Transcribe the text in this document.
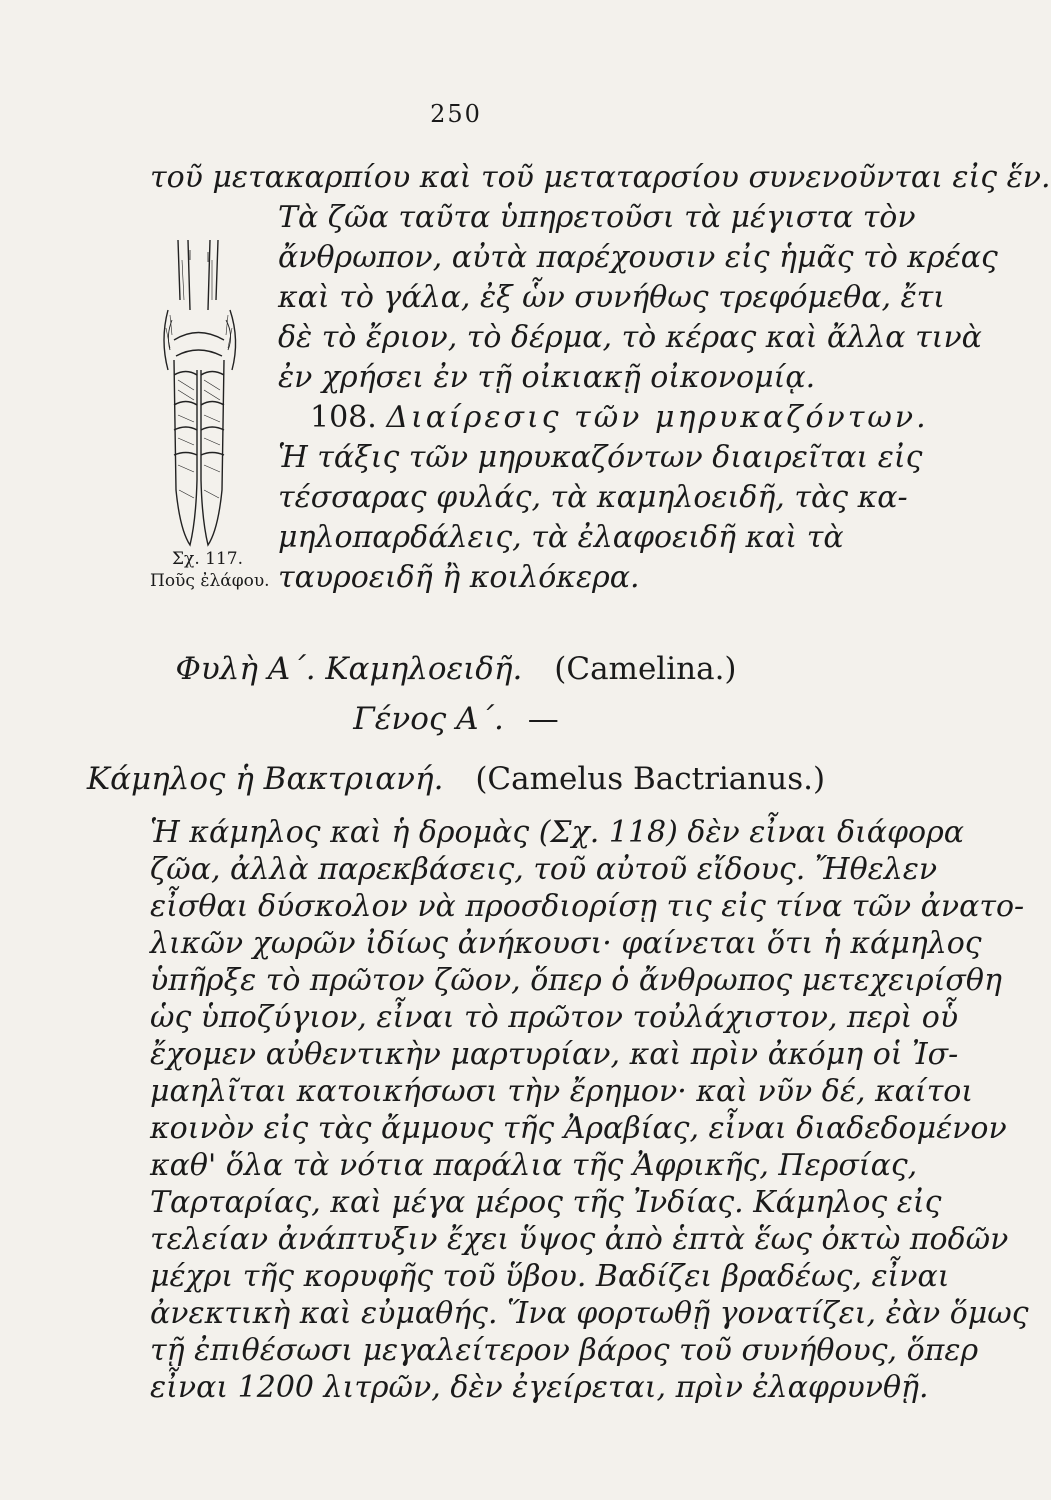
250
τοῦ μετακαρπίου καὶ τοῦ μεταταρσίου συνενοῦνται εἰς ἕν.
Σχ. 117.
Ποῦς ἐλάφου.
Τὰ ζῶα ταῦτα ὑπηρετοῦσι τὰ μέγιστα τὸν
ἄνθρωπον, αὐτὰ παρέχουσιν εἰς ἡμᾶς τὸ κρέας
καὶ τὸ γάλα, ἐξ ὧν συνήθως τρεφόμεθα, ἔτι
δὲ τὸ ἔριον, τὸ δέρμα, τὸ κέρας καὶ ἄλλα τινὰ
ἐν χρήσει ἐν τῇ οἰκιακῇ οἰκονομίᾳ.
108. Διαίρεσις τῶν μηρυκαζόντων.
Ἡ τάξις τῶν μηρυκαζόντων διαιρεῖται εἰς
τέσσαρας φυλάς, τὰ καμηλοειδῆ, τὰς κα-
μηλοπαρδάλεις, τὰ ἐλαφοειδῆ καὶ τὰ
ταυροειδῆ ἢ κοιλόκερα.
Φυλὴ Α΄. Καμηλοειδῆ. (Camelina.)
Γένος Α΄. —
Κάμηλος ἡ Βακτριανή. (Camelus Bactrianus.)
Ἡ κάμηλος καὶ ἡ δρομὰς (Σχ. 118) δὲν εἶναι διάφορα
ζῶα, ἀλλὰ παρεκβάσεις, τοῦ αὐτοῦ εἴδους. Ἤθελεν
εἶσθαι δύσκολον νὰ προσδιορίσῃ τις εἰς τίνα τῶν ἀνατο-
λικῶν χωρῶν ἰδίως ἀνήκουσι· φαίνεται ὅτι ἡ κάμηλος
ὑπῆρξε τὸ πρῶτον ζῶον, ὅπερ ὁ ἄνθρωπος μετεχειρίσθη
ὡς ὑποζύγιον, εἶναι τὸ πρῶτον τοὐλάχιστον, περὶ οὗ
ἔχομεν αὐθεντικὴν μαρτυρίαν, καὶ πρὶν ἀκόμη οἱ Ἰσ-
μαηλῖται κατοικήσωσι τὴν ἔρημον· καὶ νῦν δέ, καίτοι
κοινὸν εἰς τὰς ἄμμους τῆς Ἀραβίας, εἶναι διαδεδομένον
καθ' ὅλα τὰ νότια παράλια τῆς Ἀφρικῆς, Περσίας,
Ταρταρίας, καὶ μέγα μέρος τῆς Ἰνδίας. Κάμηλος εἰς
τελείαν ἀνάπτυξιν ἔχει ὕψος ἀπὸ ἑπτὰ ἕως ὀκτὼ ποδῶν
μέχρι τῆς κορυφῆς τοῦ ὕβου. Βαδίζει βραδέως, εἶναι
ἀνεκτικὴ καὶ εὐμαθής. Ἵνα φορτωθῇ γονατίζει, ἐὰν ὅμως
τῇ ἐπιθέσωσι μεγαλείτερον βάρος τοῦ συνήθους, ὅπερ
εἶναι 1200 λιτρῶν, δὲν ἐγείρεται, πρὶν ἐλαφρυνθῇ.
